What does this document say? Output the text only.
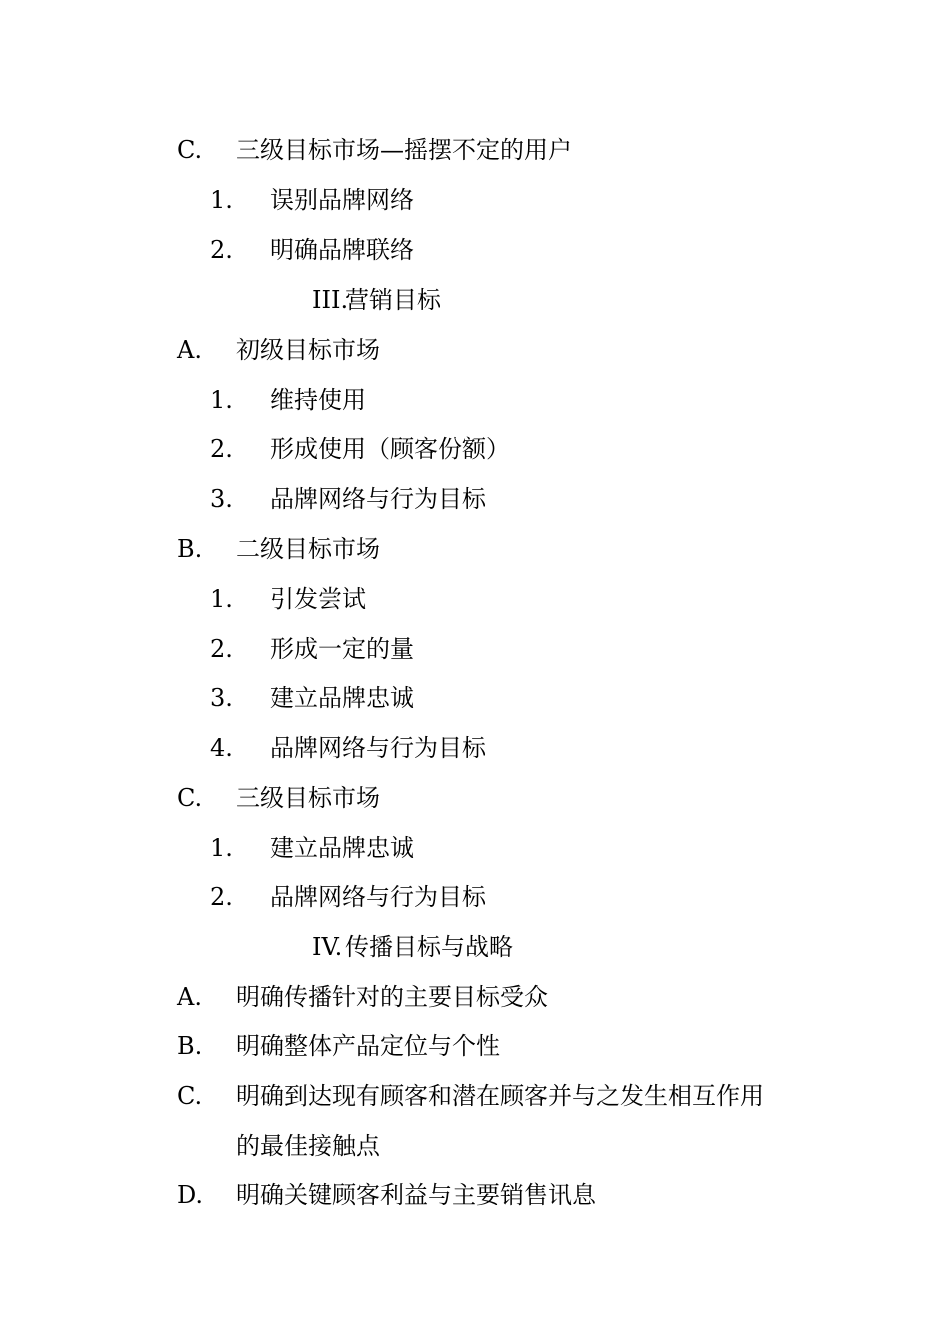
C. 三级目标市场—摇摆不定的用户
1. 误别品牌网络
2. 明确品牌联络
III.
营销目标
A. 初级目标市场
1. 维持使用
2. 形成使用（顾客份额）
3. 品牌网络与行为目标
B. 二级目标市场
1. 引发尝试
2. 形成一定的量
3. 建立品牌忠诚
4. 品牌网络与行为目标
C. 三级目标市场
1. 建立品牌忠诚
2. 品牌网络与行为目标
IV. 传播目标与战略
A. 明确传播针对的主要目标受众
B. 明确整体产品定位与个性
C. 明确到达现有顾客和潜在顾客并与之发生相互作用
的最佳接触点
D. 明确关键顾客利益与主要销售讯息
